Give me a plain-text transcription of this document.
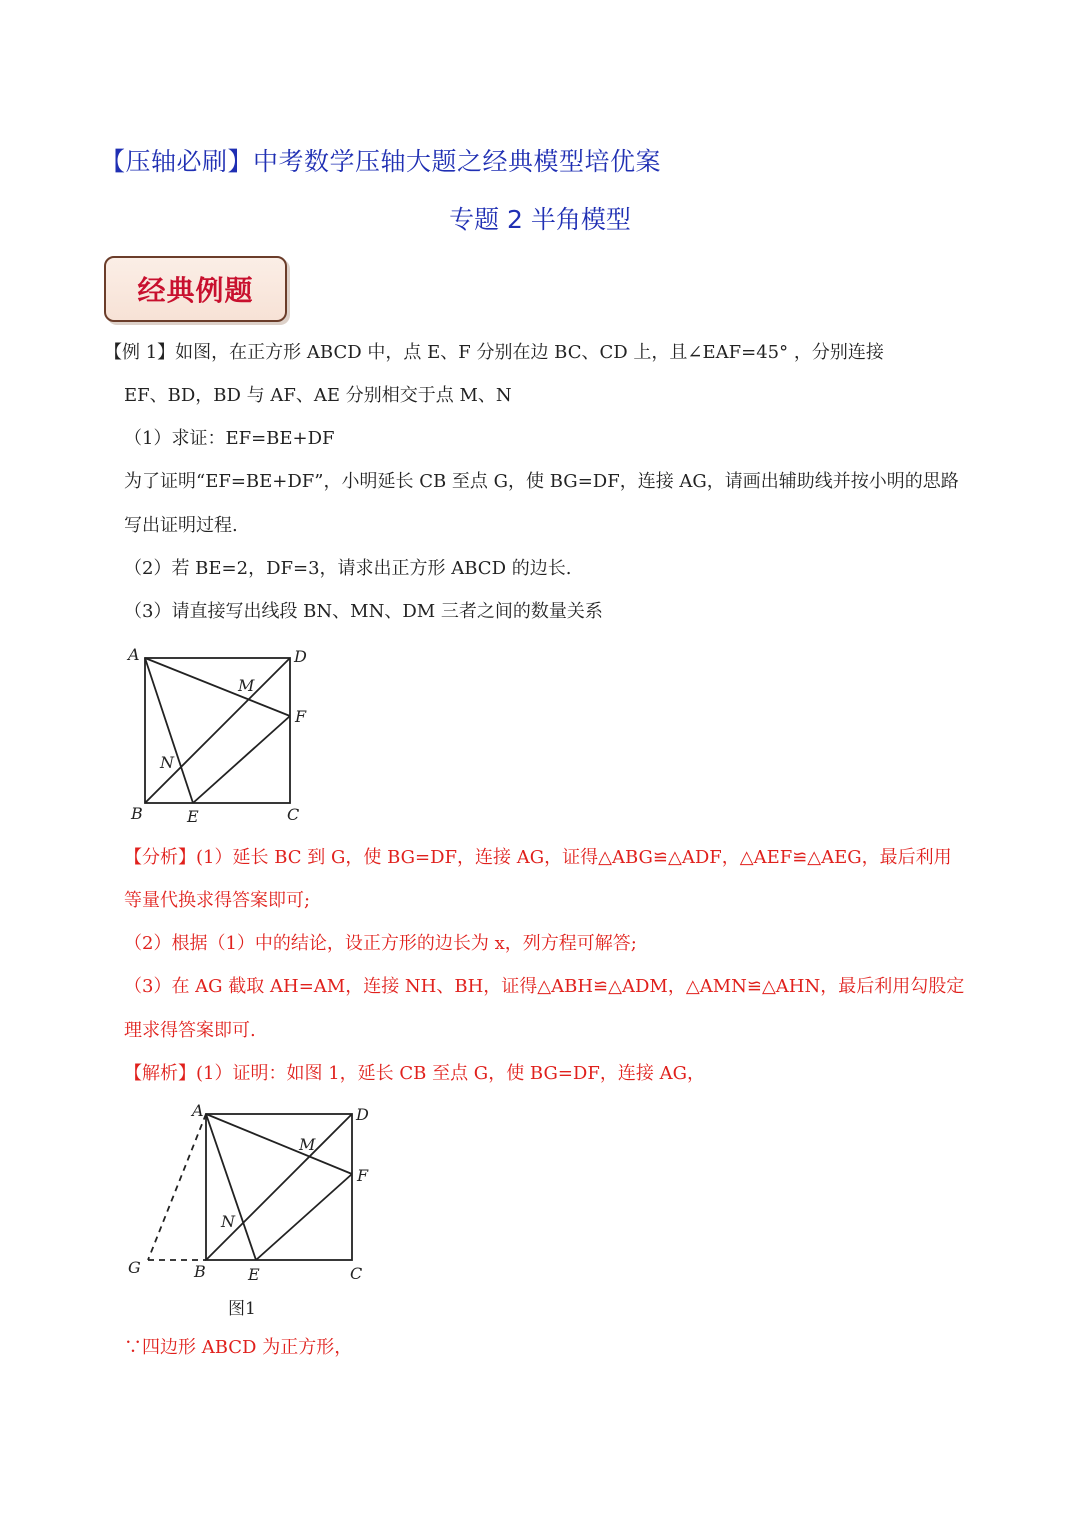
【压轴必刷】中考数学压轴大题之经典模型培优案
专题 2 半角模型
经典例题
【例 1】如图，在正方形 ABCD 中，点 E、F 分别在边 BC、CD 上，且∠EAF=45° ，分别连接
EF、BD，BD 与 AF、AE 分别相交于点 M、N
（1）求证：EF=BE+DF
为了证明“EF=BE+DF”，小明延长 CB 至点 G，使 BG=DF，连接 AG，请画出辅助线并按小明的思路
写出证明过程.
（2）若 BE=2，DF=3，请求出正方形 ABCD 的边长.
（3）请直接写出线段 BN、MN、DM 三者之间的数量关系
A	D
M
F
N
B	E	C
【分析】(1）延长 BC 到 G，使 BG=DF，连接 AG，证得△ABG≌△ADF，△AEF≌△AEG，最后利用
等量代换求得答案即可;
（2）根据（1）中的结论，设正方形的边长为 x，列方程可解答;
（3）在 AG 截取 AH=AM，连接 NH、BH，证得△ABH≌△ADM，△AMN≌△AHN，最后利用勾股定
理求得答案即可.
【解析】(1）证明：如图 1，延长 CB 至点 G，使 BG=DF，连接 AG，
A	D
M
F
N
G	B	E	C
图1
∵四边形 ABCD 为正方形，
